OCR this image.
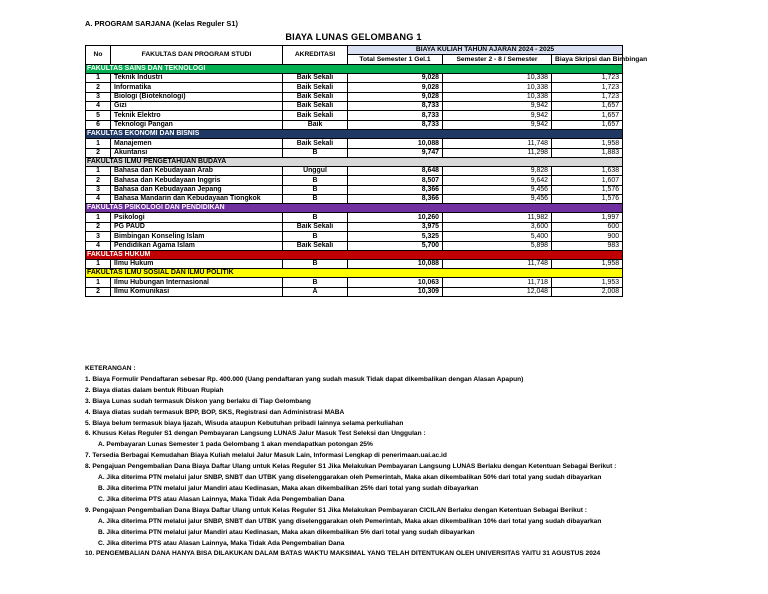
A. PROGRAM SARJANA (Kelas Reguler S1)
BIAYA LUNAS GELOMBANG 1
No	FAKULTAS DAN PROGRAM STUDI	AKREDITASI	BIAYA KULIAH TAHUN AJARAN 2024 - 2025		
			Total Semester 1 Gel.1	Semester 2 - 8 / Semester	Biaya Skripsi dan Bimbingan
FAKULTAS SAINS DAN TEKNOLOGI					
1	Teknik Industri	Baik Sekali	9,028	10,338	1,723
2	Informatika	Baik Sekali	9,028	10,338	1,723
3	Biologi (Bioteknologi)	Baik Sekali	9,028	10,338	1,723
4	Gizi	Baik Sekali	8,733	9,942	1,657
5	Teknik Elektro	Baik Sekali	8,733	9,942	1,657
6	Teknologi Pangan	Baik	8,733	9,942	1,657
FAKULTAS EKONOMI DAN BISNIS					
1	Manajemen	Baik Sekali	10,088	11,748	1,958
2	Akuntansi	B	9,747	11,298	1,883
FAKULTAS ILMU PENGETAHUAN BUDAYA					
1	Bahasa dan Kebudayaan Arab	Unggul	8,648	9,828	1,638
2	Bahasa dan Kebudayaan Inggris	B	8,507	9,642	1,607
3	Bahasa dan Kebudayaan Jepang	B	8,366	9,456	1,576
4	Bahasa Mandarin dan Kebudayaan Tiongkok	B	8,366	9,456	1,576
FAKULTAS PSIKOLOGI DAN PENDIDIKAN					
1	Psikologi	B	10,260	11,982	1,997
2	PG PAUD	Baik Sekali	3,975	3,600	600
3	Bimbingan Konseling Islam	B	5,325	5,400	900
4	Pendidikan Agama Islam	Baik Sekali	5,700	5,898	983
FAKULTAS HUKUM					
1	Ilmu Hukum	B	10,088	11,748	1,958
FAKULTAS ILMU SOSIAL DAN ILMU POLITIK					
1	Ilmu Hubungan Internasional	B	10,063	11,718	1,953
2	Ilmu Komunikasi	A	10,309	12,048	2,008
KETERANGAN :
1. Biaya Formulir Pendaftaran sebesar Rp. 400.000 (Uang pendaftaran yang sudah masuk Tidak dapat dikembalikan dengan Alasan Apapun)
2. Biaya diatas dalam bentuk Ribuan Rupiah
3. Biaya Lunas sudah termasuk Diskon yang berlaku di Tiap Gelombang
4. Biaya diatas sudah termasuk BPP, BOP, SKS, Registrasi dan Administrasi MABA
5. Biaya belum termasuk biaya Ijazah, Wisuda ataupun Kebutuhan pribadi lainnya selama perkuliahan
6. Khusus Kelas Reguler S1 dengan Pembayaran Langsung LUNAS Jalur Masuk Test Seleksi dan Unggulan :
A. Pembayaran Lunas Semester 1 pada Gelombang 1 akan mendapatkan potongan 25%
7. Tersedia Berbagai Kemudahan Biaya Kuliah melalui Jalur Masuk Lain, Informasi Lengkap di penerimaan.uai.ac.id
8. Pengajuan Pengembalian Dana Biaya Daftar Ulang untuk Kelas Reguler S1 Jika Melakukan Pembayaran Langsung LUNAS Berlaku dengan Ketentuan Sebagai Berikut :
A. Jika diterima PTN melalui jalur SNBP, SNBT dan UTBK yang diselenggarakan oleh Pemerintah, Maka akan dikembalikan 50% dari total yang sudah dibayarkan
B. Jika diterima PTN melalui jalur Mandiri atau Kedinasan, Maka akan dikembalikan 25% dari total yang sudah dibayarkan
C. Jika diterima PTS atau Alasan Lainnya, Maka Tidak Ada Pengembalian Dana
9. Pengajuan Pengembalian Dana Biaya Daftar Ulang untuk Kelas Reguler S1 Jika Melakukan Pembayaran CICILAN Berlaku dengan Ketentuan Sebagai Berikut :
A. Jika diterima PTN melalui jalur SNBP, SNBT dan UTBK yang diselenggarakan oleh Pemerintah, Maka akan dikembalikan 10% dari total yang sudah dibayarkan
B. Jika diterima PTN melalui jalur Mandiri atau Kedinasan, Maka akan dikembalikan 5% dari total yang sudah dibayarkan
C. Jika diterima PTS atau Alasan Lainnya, Maka Tidak Ada Pengembalian Dana
10. PENGEMBALIAN DANA HANYA BISA DILAKUKAN DALAM BATAS WAKTU MAKSIMAL YANG TELAH DITENTUKAN OLEH UNIVERSITAS YAITU 31 AGUSTUS 2024
